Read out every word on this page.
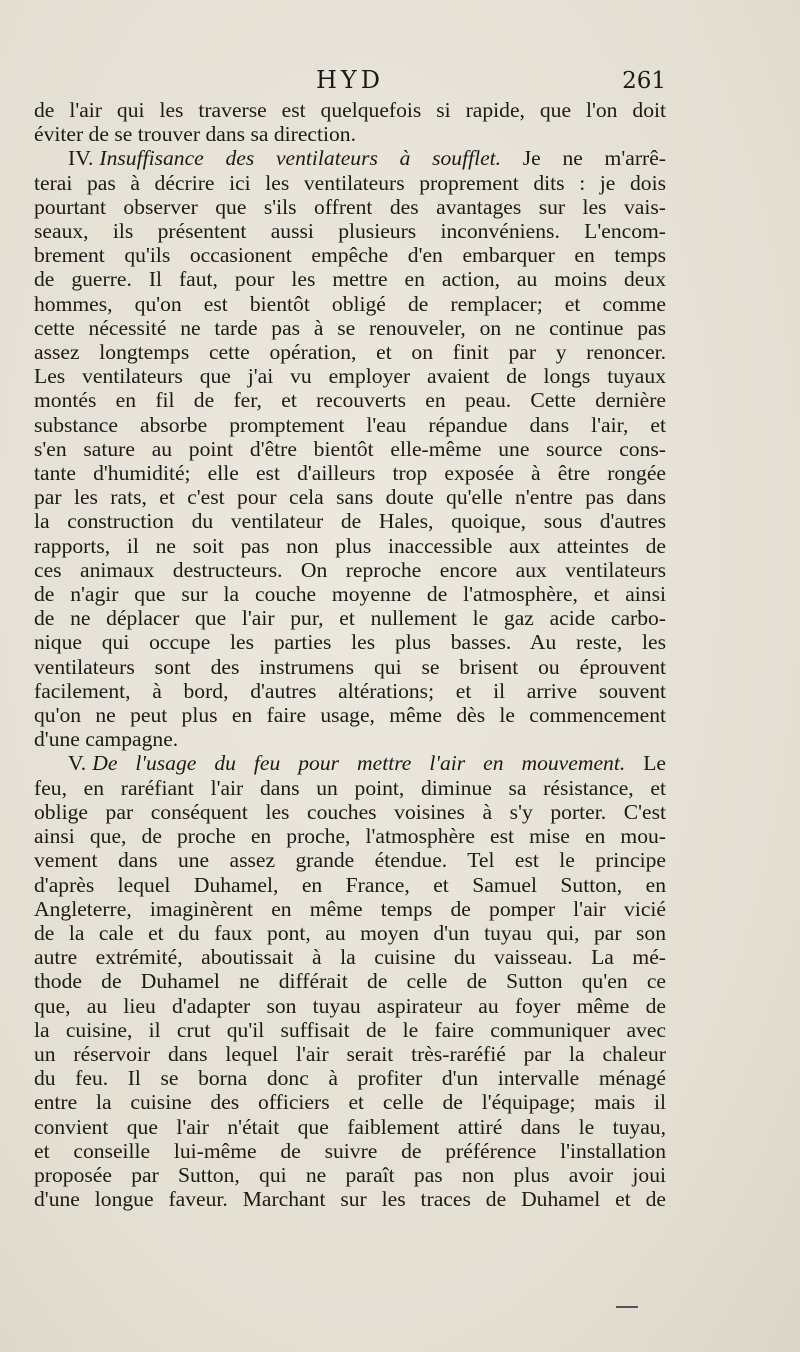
HYD	261
de l'air qui les traverse est quelquefois si rapide, que l'on doit
éviter de se trouver dans sa direction.
IV. Insuffisance des ventilateurs à soufflet. Je ne m'arrê-
terai pas à décrire ici les ventilateurs proprement dits : je dois
pourtant observer que s'ils offrent des avantages sur les vais-
seaux, ils présentent aussi plusieurs inconvéniens. L'encom-
brement qu'ils occasionent empêche d'en embarquer en temps
de guerre. Il faut, pour les mettre en action, au moins deux
hommes, qu'on est bientôt obligé de remplacer; et comme
cette nécessité ne tarde pas à se renouveler, on ne continue pas
assez longtemps cette opération, et on finit par y renoncer.
Les ventilateurs que j'ai vu employer avaient de longs tuyaux
montés en fil de fer, et recouverts en peau. Cette dernière
substance absorbe promptement l'eau répandue dans l'air, et
s'en sature au point d'être bientôt elle-même une source cons-
tante d'humidité; elle est d'ailleurs trop exposée à être rongée
par les rats, et c'est pour cela sans doute qu'elle n'entre pas dans
la construction du ventilateur de Hales, quoique, sous d'autres
rapports, il ne soit pas non plus inaccessible aux atteintes de
ces animaux destructeurs. On reproche encore aux ventilateurs
de n'agir que sur la couche moyenne de l'atmosphère, et ainsi
de ne déplacer que l'air pur, et nullement le gaz acide carbo-
nique qui occupe les parties les plus basses. Au reste, les
ventilateurs sont des instrumens qui se brisent ou éprouvent
facilement, à bord, d'autres altérations; et il arrive souvent
qu'on ne peut plus en faire usage, même dès le commencement
d'une campagne.
V. De l'usage du feu pour mettre l'air en mouvement. Le
feu, en raréfiant l'air dans un point, diminue sa résistance, et
oblige par conséquent les couches voisines à s'y porter. C'est
ainsi que, de proche en proche, l'atmosphère est mise en mou-
vement dans une assez grande étendue. Tel est le principe
d'après lequel Duhamel, en France, et Samuel Sutton, en
Angleterre, imaginèrent en même temps de pomper l'air vicié
de la cale et du faux pont, au moyen d'un tuyau qui, par son
autre extrémité, aboutissait à la cuisine du vaisseau. La mé-
thode de Duhamel ne différait de celle de Sutton qu'en ce
que, au lieu d'adapter son tuyau aspirateur au foyer même de
la cuisine, il crut qu'il suffisait de le faire communiquer avec
un réservoir dans lequel l'air serait très-raréfié par la chaleur
du feu. Il se borna donc à profiter d'un intervalle ménagé
entre la cuisine des officiers et celle de l'équipage; mais il
convient que l'air n'était que faiblement attiré dans le tuyau,
et conseille lui-même de suivre de préférence l'installation
proposée par Sutton, qui ne paraît pas non plus avoir joui
d'une longue faveur. Marchant sur les traces de Duhamel et de
